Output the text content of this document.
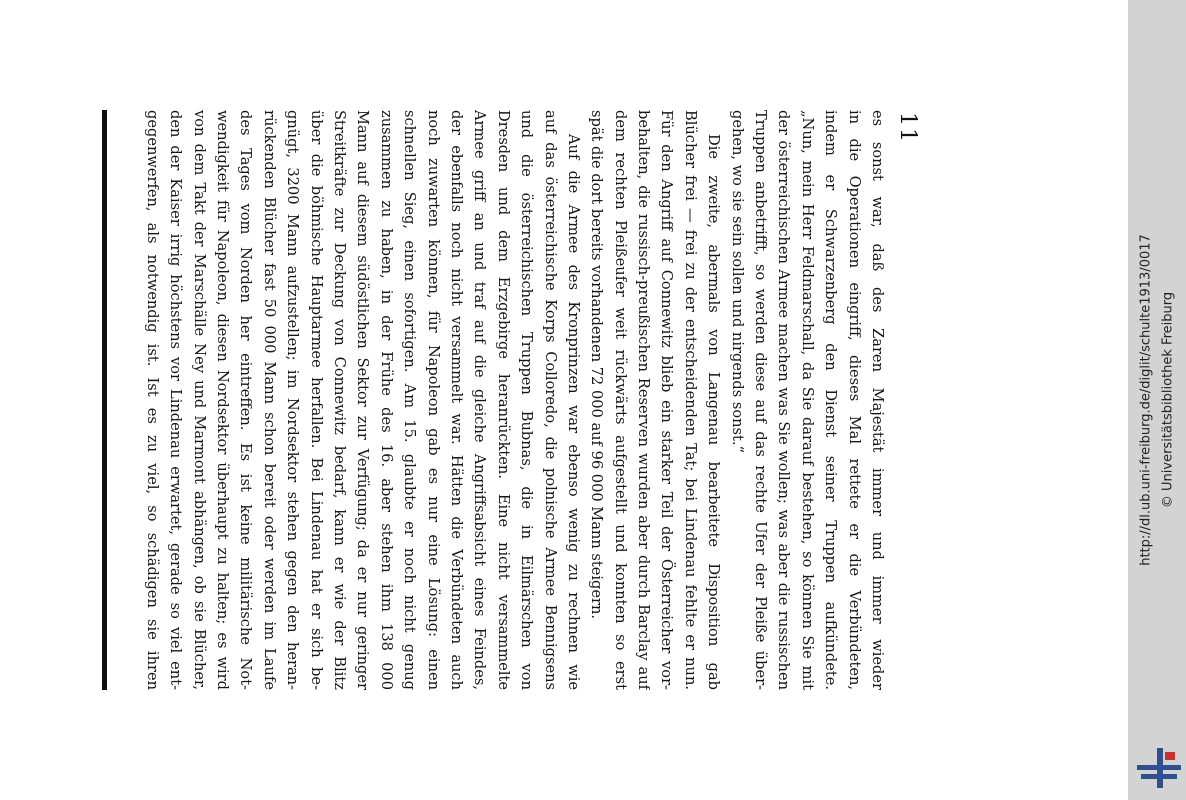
11
es sonst war, daß des Zaren Majestät immer und immer wieder
in die Operationen eingriff, dieses Mal rettete er die Verbündeten,
indem er Schwarzenberg den Dienst seiner Truppen aufkündete.
„Nun, mein Herr Feldmarschall, da Sie darauf bestehen, so können Sie mit
der österreichischen Armee machen was Sie wollen; was aber die russischen
Truppen anbetrifft, so werden diese auf das rechte Ufer der Pleiße über-
gehen, wo sie sein sollen und nirgends sonst.“
Die zweite, abermals von Langenau bearbeitete Disposition gab
Blücher frei — frei zu der entscheidenden Tat; bei Lindenau fehlte er nun.
Für den Angriff auf Connewitz blieb ein starker Teil der Österreicher vor-
behalten, die russisch-preußischen Reserven wurden aber durch Barclay auf
dem rechten Pleißeufer weit rückwärts aufgestellt und konnten so erst
spät die dort bereits vorhandenen 72 000 auf 96 000 Mann steigern.
Auf die Armee des Kronprinzen war ebenso wenig zu rechnen wie
auf das österreichische Korps Colloredo, die polnische Armee Bennigsens
und die österreichischen Truppen Bubnas, die in Eilmärschen von
Dresden und dem Erzgebirge heranrückten. Eine nicht versammelte
Armee griff an und traf auf die gleiche Angriffsabsicht eines Feindes,
der ebenfalls noch nicht versammelt war. Hätten die Verbündeten auch
noch zuwarten können, für Napoleon gab es nur eine Lösung: einen
schnellen Sieg, einen sofortigen. Am 15. glaubte er noch nicht genug
zusammen zu haben, in der Frühe des 16. aber stehen ihm 138 000
Mann auf diesem südöstlichen Sektor zur Verfügung; da er nur geringer
Streitkräfte zur Deckung von Connewitz bedarf, kann er wie der Blitz
über die böhmische Hauptarmee herfallen. Bei Lindenau hat er sich be-
gnügt, 3200 Mann aufzustellen; im Nordsektor stehen gegen den heran-
rückenden Blücher fast 50 000 Mann schon bereit oder werden im Laufe
des Tages vom Norden her eintreffen. Es ist keine militärische Not-
wendigkeit für Napoleon, diesen Nordsektor überhaupt zu halten; es wird
von dem Takt der Marschälle Ney und Marmont abhängen, ob sie Blücher,
den der Kaiser irrig höchstens vor Lindenau erwartet, gerade so viel ent-
gegenwerfen, als notwendig ist. Ist es zu viel, so schädigen sie ihren	http://dl.ub.uni-freiburg.de/diglit/schulte1913/0017 © Universitätsbibliothek Freiburg
